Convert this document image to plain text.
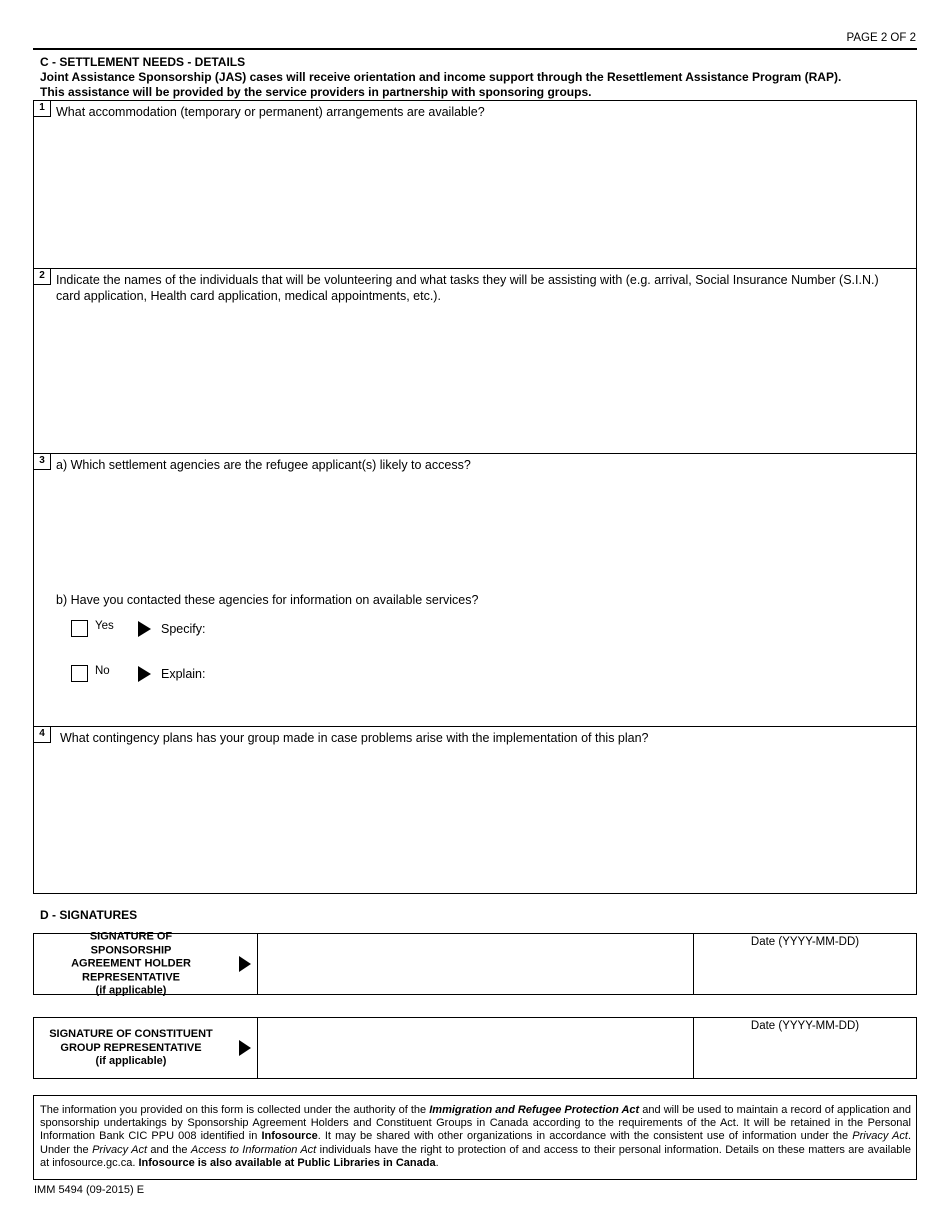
PAGE 2 OF 2
C - SETTLEMENT NEEDS - DETAILS
Joint Assistance Sponsorship (JAS) cases will receive orientation and income support through the Resettlement Assistance Program (RAP).
This assistance will be provided by the service providers in partnership with sponsoring groups.
1 What accommodation (temporary or permanent) arrangements are available?
2 Indicate the names of the individuals that will be volunteering and what tasks they will be assisting with (e.g. arrival, Social Insurance Number (S.I.N.) card application, Health card application, medical appointments, etc.).
3 a) Which settlement agencies are the refugee applicant(s) likely to access?
b) Have you contacted these agencies for information on available services?
Yes	Specify:
No	Explain:
4	What contingency plans has your group made in case problems arise with the implementation of this plan?
D - SIGNATURES
SIGNATURE OF SPONSORSHIP
AGREEMENT HOLDER
REPRESENTATIVE
(if applicable)
Date (YYYY-MM-DD)
SIGNATURE OF CONSTITUENT
GROUP REPRESENTATIVE
(if applicable)
Date (YYYY-MM-DD)
The information you provided on this form is collected under the authority of the Immigration and Refugee Protection Act and will be used to maintain a record of application and sponsorship undertakings by Sponsorship Agreement Holders and Constituent Groups in Canada according to the requirements of the Act. It will be retained in the Personal Information Bank CIC PPU 008 identified in Infosource. It may be shared with other organizations in accordance with the consistent use of information under the Privacy Act. Under the Privacy Act and the Access to Information Act individuals have the right to protection of and access to their personal information. Details on these matters are available at infosource.gc.ca. Infosource is also available at Public Libraries in Canada.
IMM 5494 (09-2015) E
